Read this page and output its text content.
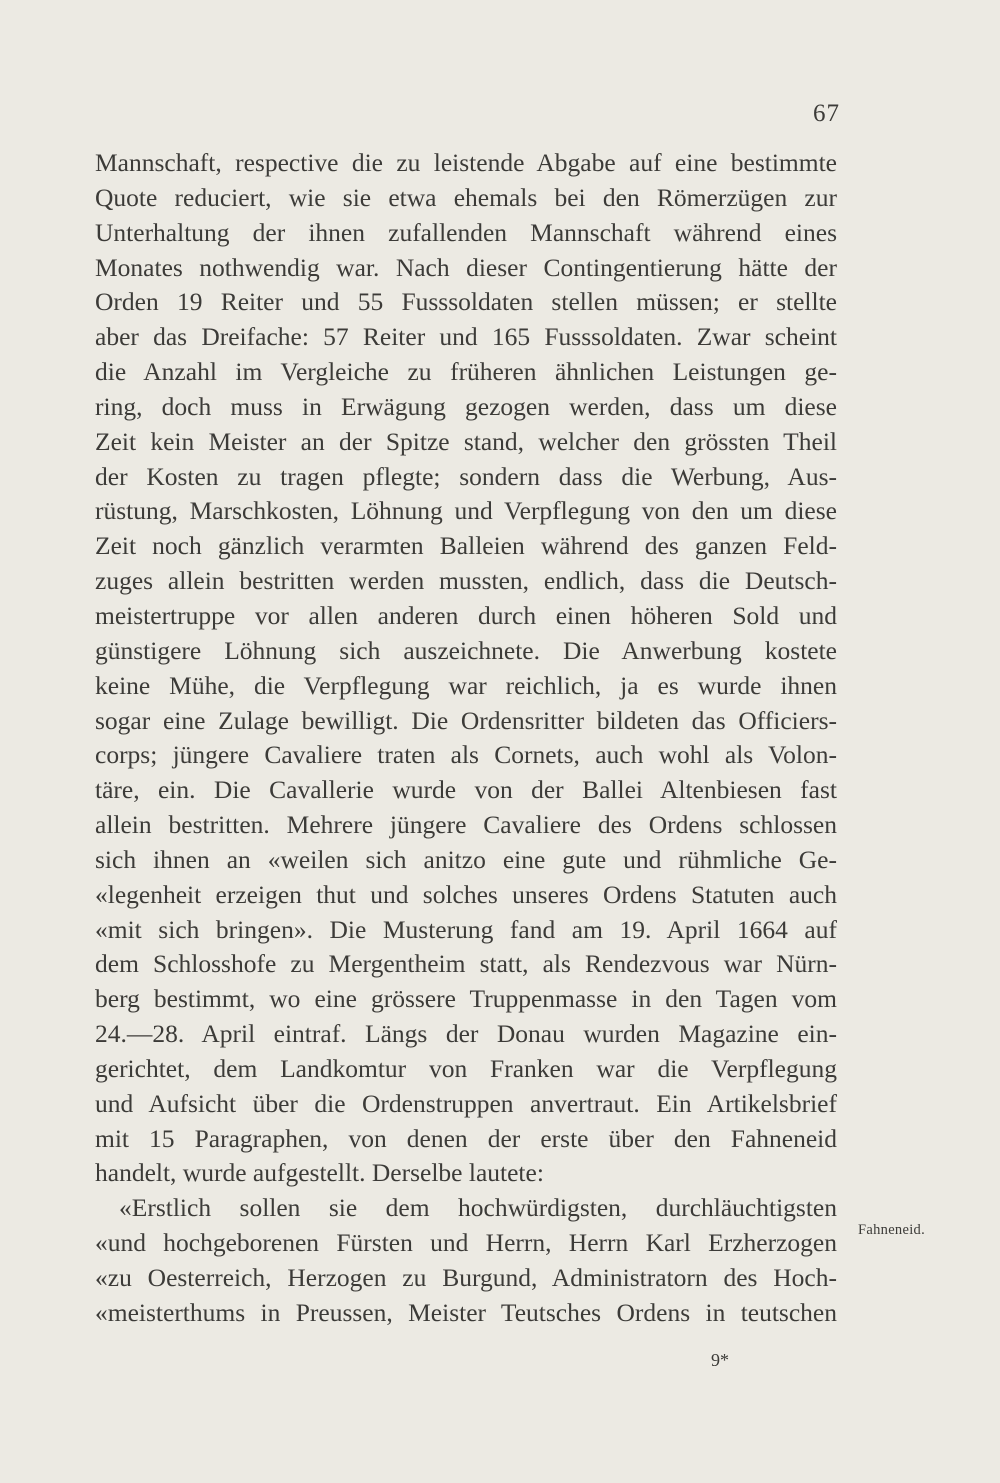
67
Mannschaft, respective die zu leistende Abgabe auf eine bestimmte
Quote reduciert, wie sie etwa ehemals bei den Römerzügen zur
Unterhaltung der ihnen zufallenden Mannschaft während eines
Monates nothwendig war. Nach dieser Contingentierung hätte der
Orden 19 Reiter und 55 Fusssoldaten stellen müssen; er stellte
aber das Dreifache: 57 Reiter und 165 Fusssoldaten. Zwar scheint
die Anzahl im Vergleiche zu früheren ähnlichen Leistungen ge-
ring, doch muss in Erwägung gezogen werden, dass um diese
Zeit kein Meister an der Spitze stand, welcher den grössten Theil
der Kosten zu tragen pflegte; sondern dass die Werbung, Aus-
rüstung, Marschkosten, Löhnung und Verpflegung von den um diese
Zeit noch gänzlich verarmten Balleien während des ganzen Feld-
zuges allein bestritten werden mussten, endlich, dass die Deutsch-
meistertruppe vor allen anderen durch einen höheren Sold und
günstigere Löhnung sich auszeichnete. Die Anwerbung kostete
keine Mühe, die Verpflegung war reichlich, ja es wurde ihnen
sogar eine Zulage bewilligt. Die Ordensritter bildeten das Officiers-
corps; jüngere Cavaliere traten als Cornets, auch wohl als Volon-
täre, ein. Die Cavallerie wurde von der Ballei Altenbiesen fast
allein bestritten. Mehrere jüngere Cavaliere des Ordens schlossen
sich ihnen an «weilen sich anitzo eine gute und rühmliche Ge-
«legenheit erzeigen thut und solches unseres Ordens Statuten auch
«mit sich bringen». Die Musterung fand am 19. April 1664 auf
dem Schlosshofe zu Mergentheim statt, als Rendezvous war Nürn-
berg bestimmt, wo eine grössere Truppenmasse in den Tagen vom
24.—28. April eintraf. Längs der Donau wurden Magazine ein-
gerichtet, dem Landkomtur von Franken war die Verpflegung
und Aufsicht über die Ordenstruppen anvertraut. Ein Artikelsbrief
mit 15 Paragraphen, von denen der erste über den Fahneneid
handelt, wurde aufgestellt. Derselbe lautete:
«Erstlich sollen sie dem hochwürdigsten, durchläuchtigsten
«und hochgeborenen Fürsten und Herrn, Herrn Karl Erzherzogen
«zu Oesterreich, Herzogen zu Burgund, Administratorn des Hoch-
«meisterthums in Preussen, Meister Teutsches Ordens in teutschen
Fahneneid.
9*
